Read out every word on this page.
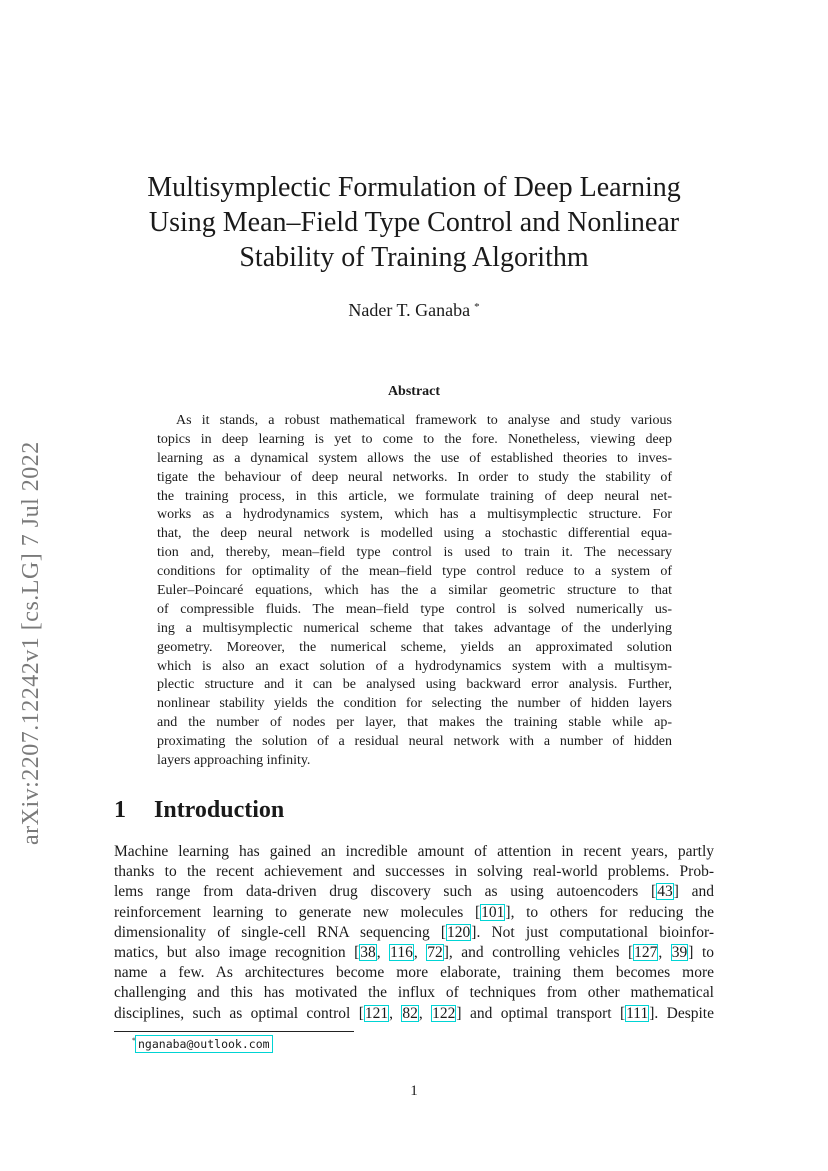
arXiv:2207.12242v1 [cs.LG] 7 Jul 2022
Multisymplectic Formulation of Deep Learning
Using Mean–Field Type Control and Nonlinear
Stability of Training Algorithm
Nader T. Ganaba *
Abstract
As it stands, a robust mathematical framework to analyse and study various
topics in deep learning is yet to come to the fore. Nonetheless, viewing deep
learning as a dynamical system allows the use of established theories to inves-
tigate the behaviour of deep neural networks. In order to study the stability of
the training process, in this article, we formulate training of deep neural net-
works as a hydrodynamics system, which has a multisymplectic structure. For
that, the deep neural network is modelled using a stochastic differential equa-
tion and, thereby, mean–field type control is used to train it. The necessary
conditions for optimality of the mean–field type control reduce to a system of
Euler–Poincaré equations, which has the a similar geometric structure to that
of compressible fluids. The mean–field type control is solved numerically us-
ing a multisymplectic numerical scheme that takes advantage of the underlying
geometry. Moreover, the numerical scheme, yields an approximated solution
which is also an exact solution of a hydrodynamics system with a multisym-
plectic structure and it can be analysed using backward error analysis. Further,
nonlinear stability yields the condition for selecting the number of hidden layers
and the number of nodes per layer, that makes the training stable while ap-
proximating the solution of a residual neural network with a number of hidden
layers approaching infinity.
1 Introduction
Machine learning has gained an incredible amount of attention in recent years, partly
thanks to the recent achievement and successes in solving real-world problems. Prob-
lems range from data-driven drug discovery such as using autoencoders [43] and
reinforcement learning to generate new molecules [101], to others for reducing the
dimensionality of single-cell RNA sequencing [120]. Not just computational bioinfor-
matics, but also image recognition [38, 116, 72], and controlling vehicles [127, 39] to
name a few. As architectures become more elaborate, training them becomes more
challenging and this has motivated the influx of techniques from other mathematical
disciplines, such as optimal control [121, 82, 122] and optimal transport [111]. Despite
* nganaba@outlook.com
1
